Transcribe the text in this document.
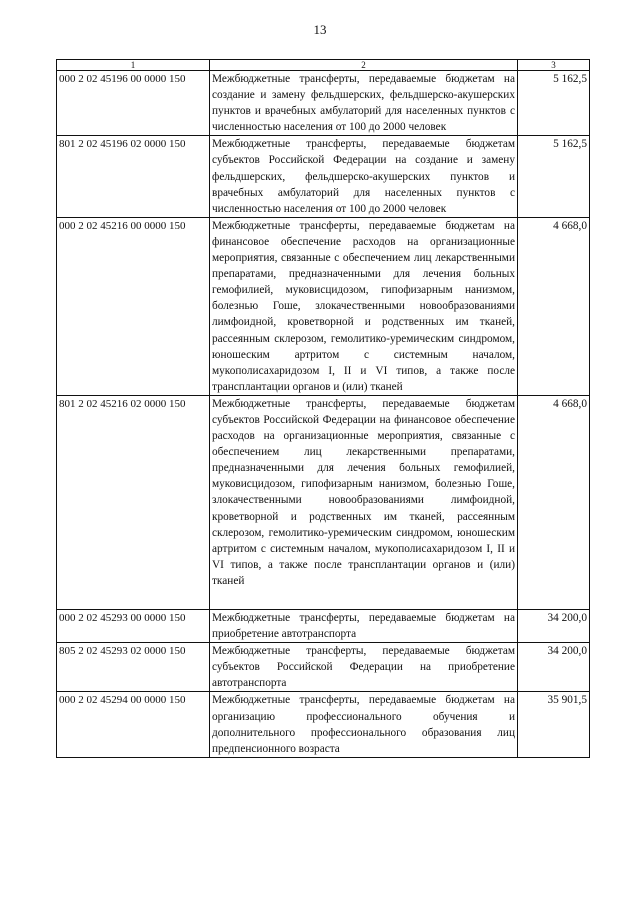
13
1	2	3
000 2 02 45196 00 0000 150	Межбюджетные трансферты, передаваемые бюджетам на создание и замену фельдшерских, фельдшерско-акушерских пунктов и врачебных амбулаторий для населенных пунктов с численностью населения от 100 до 2000 человек	5 162,5
801 2 02 45196 02 0000 150	Межбюджетные трансферты, передаваемые бюджетам субъектов Российской Федерации на создание и замену фельдшерских, фельдшерско-акушерских пунктов и врачебных амбулаторий для населенных пунктов с численностью населения от 100 до 2000 человек	5 162,5
000 2 02 45216 00 0000 150	Межбюджетные трансферты, передаваемые бюджетам на финансовое обеспечение расходов на организационные мероприятия, связанные с обеспечением лиц лекарственными препаратами, предназначенными для лечения больных гемофилией, муковисцидозом, гипофизарным нанизмом, болезнью Гоше, злокачественными новообразованиями лимфоидной, кроветворной и родственных им тканей, рассеянным склерозом, гемолитико-уремическим синдромом, юношеским артритом с системным началом, мукополисахаридозом I, II и VI типов, а также после трансплантации органов и (или) тканей	4 668,0
801 2 02 45216 02 0000 150	Межбюджетные трансферты, передаваемые бюджетам субъектов Российской Федерации на финансовое обеспечение расходов на организационные мероприятия, связанные с обеспечением лиц лекарственными препаратами, предназначенными для лечения больных гемофилией, муковисцидозом, гипофизарным нанизмом, болезнью Гоше, злокачественными новообразованиями лимфоидной, кроветворной и родственных им тканей, рассеянным склерозом, гемолитико-уремическим синдромом, юношеским артритом с системным началом, мукополисахаридозом I, II и VI типов, а также после трансплантации органов и (или) тканей	4 668,0
000 2 02 45293 00 0000 150	Межбюджетные трансферты, передаваемые бюджетам на приобретение автотранспорта	34 200,0
805 2 02 45293 02 0000 150	Межбюджетные трансферты, передаваемые бюджетам субъектов Российской Федерации на приобретение автотранспорта	34 200,0
000 2 02 45294 00 0000 150	Межбюджетные трансферты, передаваемые бюджетам на организацию профессионального обучения и дополнительного профессионального образования лиц предпенсионного возраста	35 901,5
